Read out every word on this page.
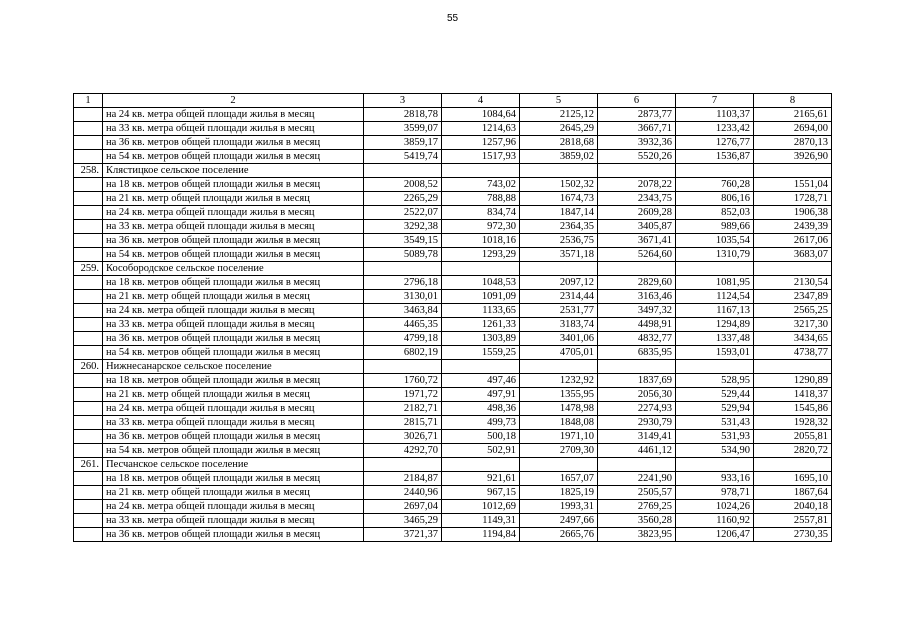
55
1	2	3	4	5	6	7	8
	на 24 кв. метра общей площади жилья в месяц	2818,78	1084,64	2125,12	2873,77	1103,37	2165,61
	на 33 кв. метра общей площади жилья в месяц	3599,07	1214,63	2645,29	3667,71	1233,42	2694,00
	на 36 кв. метров общей площади жилья в месяц	3859,17	1257,96	2818,68	3932,36	1276,77	2870,13
	на 54 кв. метров общей площади жилья в месяц	5419,74	1517,93	3859,02	5520,26	1536,87	3926,90
258.	Клястицкое сельское поселение						
	на 18 кв. метров общей площади жилья в месяц	2008,52	743,02	1502,32	2078,22	760,28	1551,04
	на 21 кв. метр общей площади жилья в месяц	2265,29	788,88	1674,73	2343,75	806,16	1728,71
	на 24 кв. метра общей площади жилья в месяц	2522,07	834,74	1847,14	2609,28	852,03	1906,38
	на 33 кв. метра общей площади жилья в месяц	3292,38	972,30	2364,35	3405,87	989,66	2439,39
	на 36 кв. метров общей площади жилья в месяц	3549,15	1018,16	2536,75	3671,41	1035,54	2617,06
	на 54 кв. метров общей площади жилья в месяц	5089,78	1293,29	3571,18	5264,60	1310,79	3683,07
259.	Кособородское сельское поселение						
	на 18 кв. метров общей площади жилья в месяц	2796,18	1048,53	2097,12	2829,60	1081,95	2130,54
	на 21 кв. метр общей площади жилья в месяц	3130,01	1091,09	2314,44	3163,46	1124,54	2347,89
	на 24 кв. метра общей площади жилья в месяц	3463,84	1133,65	2531,77	3497,32	1167,13	2565,25
	на 33 кв. метра общей площади жилья в месяц	4465,35	1261,33	3183,74	4498,91	1294,89	3217,30
	на 36 кв. метров общей площади жилья в месяц	4799,18	1303,89	3401,06	4832,77	1337,48	3434,65
	на 54 кв. метров общей площади жилья в месяц	6802,19	1559,25	4705,01	6835,95	1593,01	4738,77
260.	Нижнесанарское сельское поселение						
	на 18 кв. метров общей площади жилья в месяц	1760,72	497,46	1232,92	1837,69	528,95	1290,89
	на 21 кв. метр общей площади жилья в месяц	1971,72	497,91	1355,95	2056,30	529,44	1418,37
	на 24 кв. метра общей площади жилья в месяц	2182,71	498,36	1478,98	2274,93	529,94	1545,86
	на 33 кв. метра общей площади жилья в месяц	2815,71	499,73	1848,08	2930,79	531,43	1928,32
	на 36 кв. метров общей площади жилья в месяц	3026,71	500,18	1971,10	3149,41	531,93	2055,81
	на 54 кв. метров общей площади жилья в месяц	4292,70	502,91	2709,30	4461,12	534,90	2820,72
261.	Песчанское сельское поселение						
	на 18 кв. метров общей площади жилья в месяц	2184,87	921,61	1657,07	2241,90	933,16	1695,10
	на 21 кв. метр общей площади жилья в месяц	2440,96	967,15	1825,19	2505,57	978,71	1867,64
	на 24 кв. метра общей площади жилья в месяц	2697,04	1012,69	1993,31	2769,25	1024,26	2040,18
	на 33 кв. метра общей площади жилья в месяц	3465,29	1149,31	2497,66	3560,28	1160,92	2557,81
	на 36 кв. метров общей площади жилья в месяц	3721,37	1194,84	2665,76	3823,95	1206,47	2730,35
